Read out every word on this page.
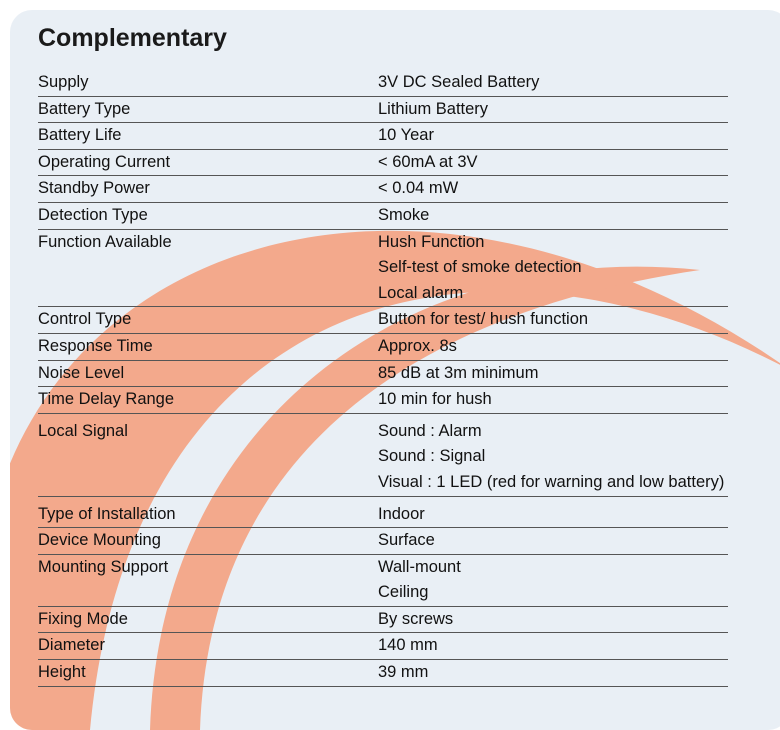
Complementary
Supply	3V DC Sealed Battery
Battery Type	Lithium Battery
Battery Life	10 Year
Operating Current	< 60mA at 3V
Standby Power	< 0.04 mW
Detection Type	Smoke
Function Available	Hush Function
	Self-test of smoke detection
	Local alarm
Control Type	Button for test/ hush function
Response Time	Approx. 8s
Noise Level	85 dB at 3m minimum
Time Delay Range	10 min for hush

Local Signal	Sound : Alarm
	Sound : Signal
	Visual : 1 LED (red for warning and low battery)

Type of Installation	Indoor
Device Mounting	Surface
Mounting Support	Wall-mount
	Ceiling
Fixing Mode	By screws
Diameter	140 mm
Height	39 mm
